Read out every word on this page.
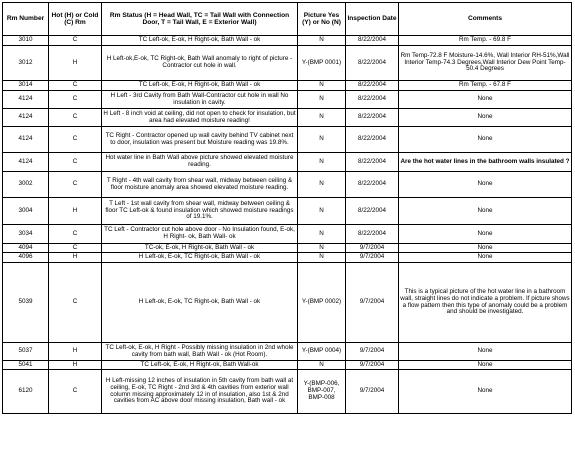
Rm Number	Hot (H) or Cold (C) Rm	Rm Status (H = Head Wall, TC = Tail Wall with Connection Door, T = Tail Wall, E = Exterior Wall)	Picture Yes (Y) or No (N)	Inspection Date	Comments
3010	C	TC Left-ok, E-ok, H Right-ok, Bath Wall - ok	N	8/22/2004	Rm Temp. - 69.8 F
3012	H	H Left-ok,E-ok, TC Right-ok, Bath Wall anomaly to right of picture - Contractor cut hole in wall.	Y-(BMP 0001)	8/22/2004	Rm Temp-72.8 F Moisture-14.6%, Wall Interior RH-51%,Wall Interior Temp-74.3 Degrees,Wall Interior Dew Point Temp-50.4 Degrees
3014	C	TC Left-ok, E-ok, H Right-ok, Bath Wall - ok	N	8/22/2004	Rm Temp. - 67.8 F
4124	C	H Left - 3rd Cavity from Bath Wall-Contractor cut hole in wall No insulation in cavity.	N	8/22/2004	None
4124	C	H Left - 8 inch void at ceiling, did not open to check for insulation, but area had elevated moisture reading!	N	8/22/2004	None
4124	C	TC Right - Contractor opened up wall cavity behind TV cabinet next to door, insulation was present but Moisture reading was 19.8%.	N	8/22/2004	None
4124	C	Hot water line in Bath Wall above picture showed elevated moisture reading.	N	8/22/2004	Are the hot water lines in the bathroom walls insulated ?
3002	C	T Right - 4th wall cavity from shear wall, midway between ceiling & floor moisture anomaly area showed elevated moisture reading.	N	8/22/2004	None
3004	H	T Left - 1st wall cavity from shear wall, midway between ceiling & floor TC Left-ok & found insulation which showed moisture readings of 19.1%.	N	8/22/2004	None
3034	C	TC Left - Contractor cut hole above door - No Insulation found, E-ok, H Right- ok, Bath Wall- ok	N	8/22/2004	None
4094	C	TC-ok, E-ok, H Right-ok, Bath Wall - ok	N	9/7/2004	None
4096	H	H Left-ok, E-ok, TC Right-ok, Bath Wall - ok	N	9/7/2004	None
5039	C	H Left-ok, E-ok, TC Right-ok, Bath Wall - ok	Y-(BMP 0002)	9/7/2004	This is a typical picture of the hot water line in a bathroom wall, straight lines do not indicate a problem. If picture shows a flow pattern then this type of anomaly could be a problem and should be investigated.
5037	H	TC Left-ok, E-ok, H Right - Possibly missing insulation in 2nd whole cavity from bath wall, Bath Wall - ok (Hot Room).	Y-(BMP 0004)	9/7/2004	None
5041	H	TC Left-ok, E-ok, H Right-ok, Bath Wall-ok	N	9/7/2004	None
6120	C	H Left-missing 12 inches of insulation in 5th cavity from bath wall at ceiling, E-ok, TC Right - 2nd 3rd & 4th cavities from exterior wall column missing approximately 12 in of insulation, also 1st & 2nd cavities from AC above door missing insulation, Bath wall - ok	Y-(BMP-006, BMP-007, BMP-008	9/7/2004	None
